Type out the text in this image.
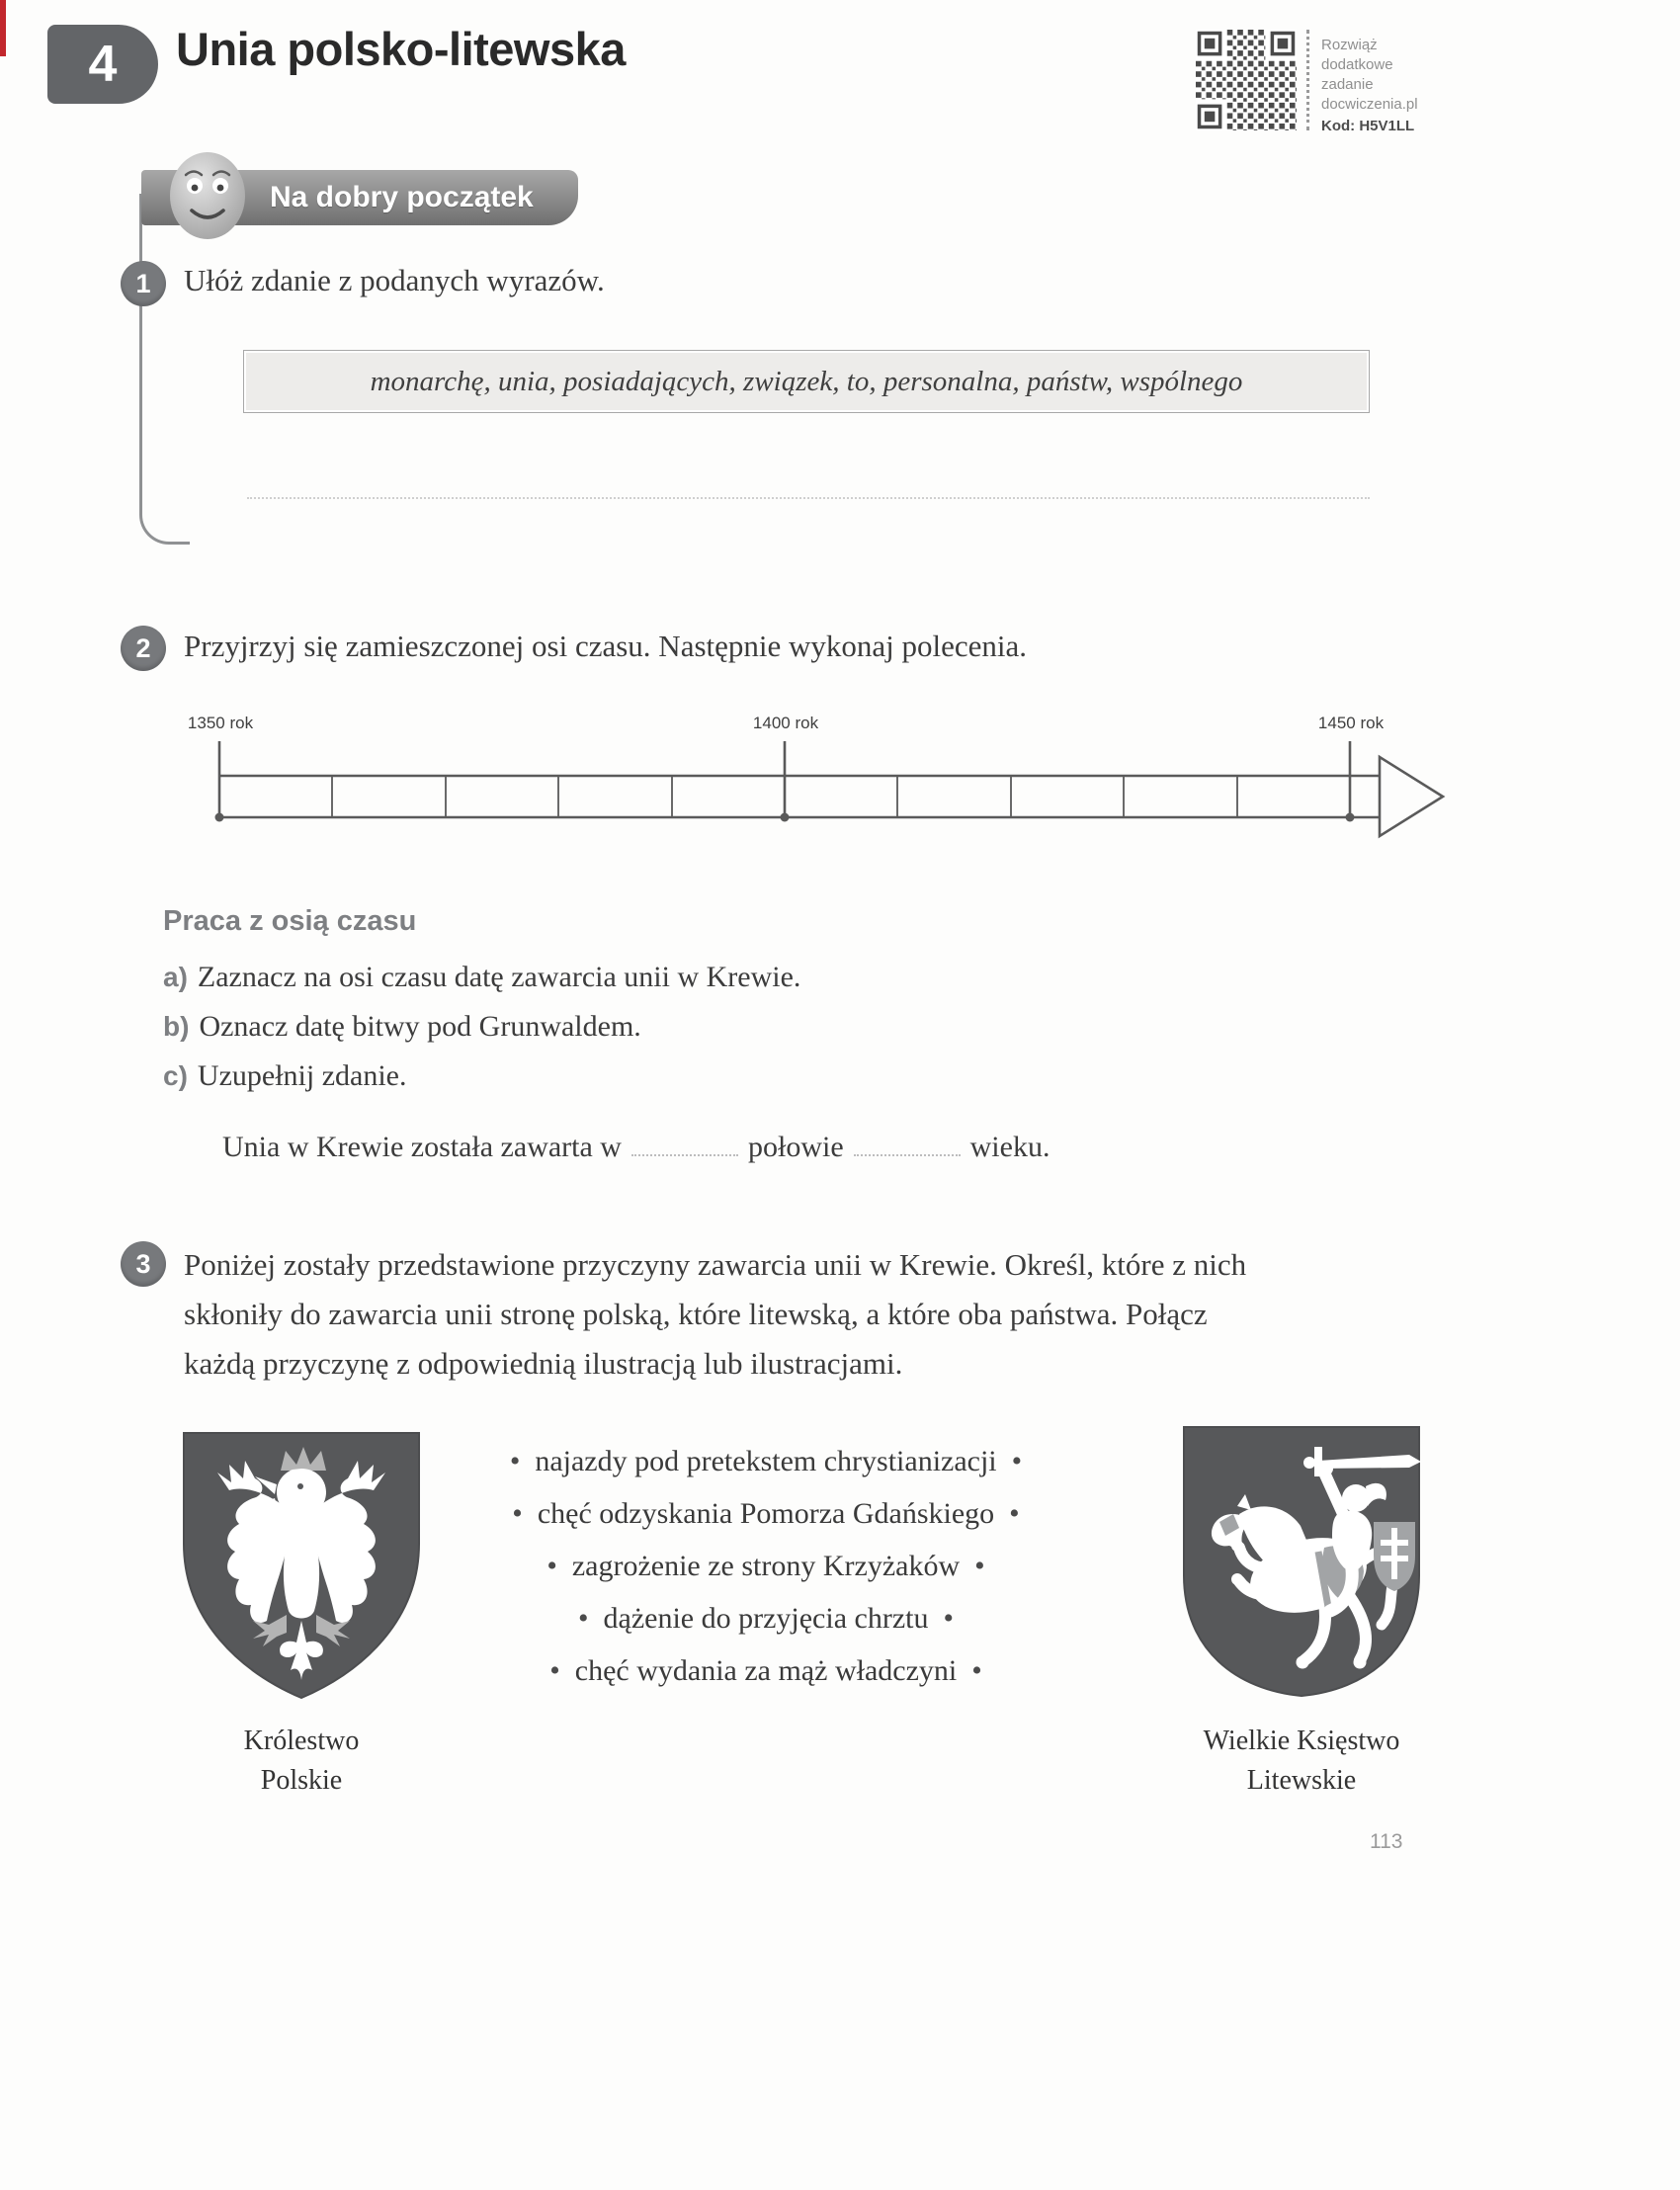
4 Unia polsko-litewska	Rozwiąż
dodatkowe
zadanie
docwiczenia.pl
Kod: H5V1LL
Na dobry początek
1 Ułóż zdanie z podanych wyrazów.
monarchę, unia, posiadających, związek, to, personalna, państw, wspólnego
2 Przyjrzyj się zamieszczonej osi czasu. Następnie wykonaj polecenia.
1350 rok	1400 rok	1450 rok
Praca z osią czasu
a) Zaznacz na osi czasu datę zawarcia unii w Krewie.
b) Oznacz datę bitwy pod Grunwaldem.
c) Uzupełnij zdanie.
Unia w Krewie została zawarta w	połowie	wieku.
3 Poniżej zostały przedstawione przyczyny zawarcia unii w Krewie. Określ, które z nich
skłoniły do zawarcia unii stronę polską, które litewską, a które oba państwa. Połącz
każdą przyczynę z odpowiednią ilustracją lub ilustracjami.
•  najazdy pod pretekstem chrystianizacji  •
•  chęć odzyskania Pomorza Gdańskiego  •
•  zagrożenie ze strony Krzyżaków  •
•  dążenie do przyjęcia chrztu  •
•  chęć wydania za mąż władczyni  •
Królestwo
Polskie
Wielkie Księstwo
Litewskie
113
